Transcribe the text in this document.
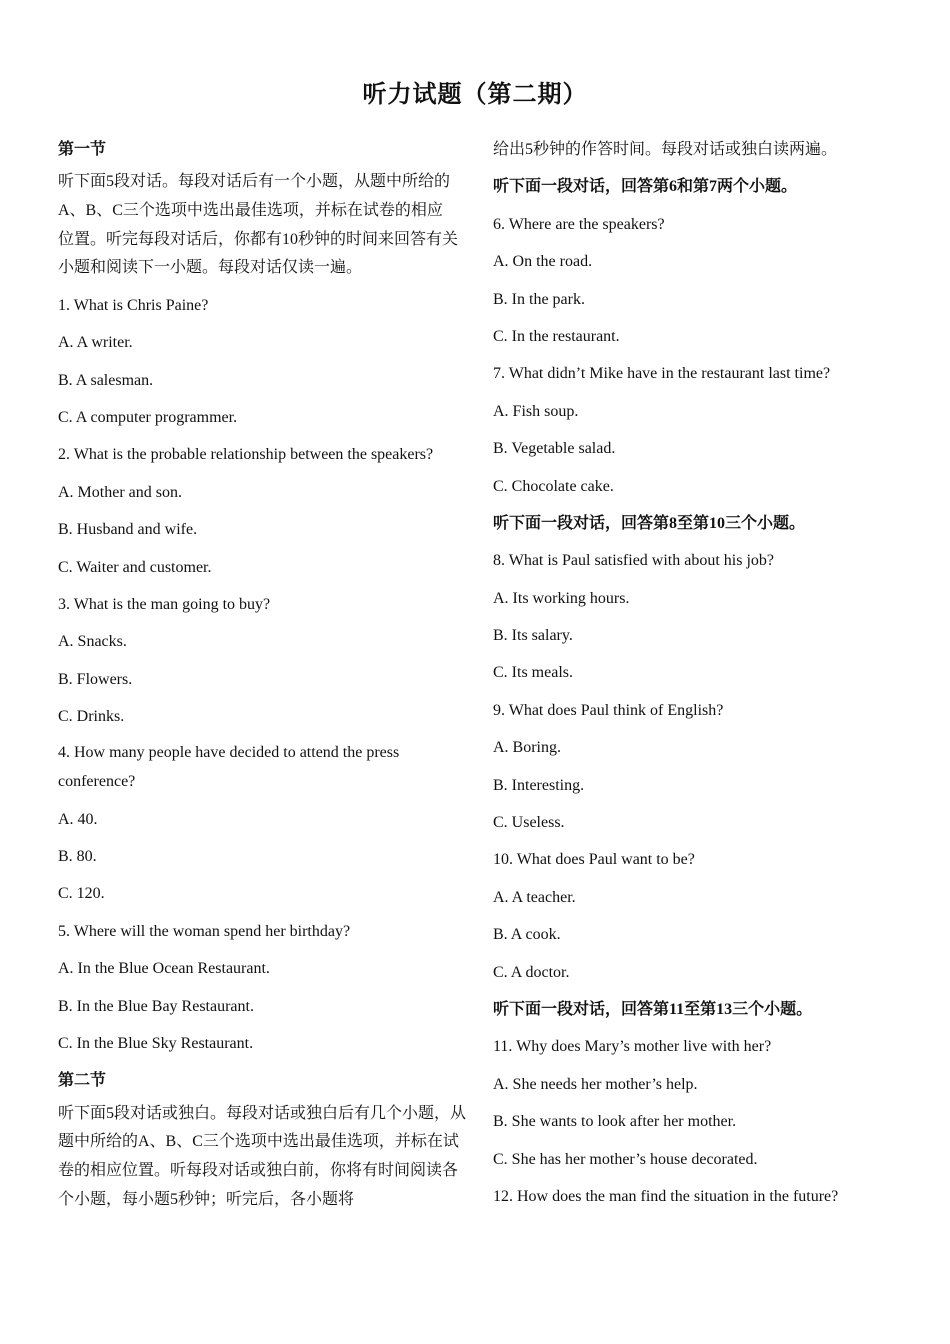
听力试题（第二期）

第一节

听下面5段对话。每段对话后有一个小题，从题中所给的A、B、C三个选项中选出最佳选项，并标在试卷的相应位置。听完每段对话后，你都有10秒钟的时间来回答有关小题和阅读下一小题。每段对话仅读一遍。

1. What is Chris Paine?

A. A writer.

B. A salesman.

C. A computer programmer.

2. What is the probable relationship between the speakers?

A. Mother and son.

B. Husband and wife.

C. Waiter and customer.

3. What is the man going to buy?

A. Snacks.

B. Flowers.

C. Drinks.

4. How many people have decided to attend the press conference?

A. 40.

B. 80.

C. 120.

5. Where will the woman spend her birthday?

A. In the Blue Ocean Restaurant.

B. In the Blue Bay Restaurant.

C. In the Blue Sky Restaurant.

第二节

听下面5段对话或独白。每段对话或独白后有几个小题，从题中所给的A、B、C三个选项中选出最佳选项，并标在试卷的相应位置。听每段对话或独白前，你将有时间阅读各个小题，每小题5秒钟；听完后，各小题将

给出5秒钟的作答时间。每段对话或独白读两遍。

听下面一段对话，回答第6和第7两个小题。

6. Where are the speakers?

A. On the road.

B. In the park.

C. In the restaurant.

7. What didn’t Mike have in the restaurant last time?

A. Fish soup.

B. Vegetable salad.

C. Chocolate cake.

听下面一段对话，回答第8至第10三个小题。

8. What is Paul satisfied with about his job?

A. Its working hours.

B. Its salary.

C. Its meals.

9. What does Paul think of English?

A. Boring.

B. Interesting.

C. Useless.

10. What does Paul want to be?

A. A teacher.

B. A cook.

C. A doctor.

听下面一段对话，回答第11至第13三个小题。

11. Why does Mary’s mother live with her?

A. She needs her mother’s help.

B. She wants to look after her mother.

C. She has her mother’s house decorated.

12. How does the man find the situation in the future?
